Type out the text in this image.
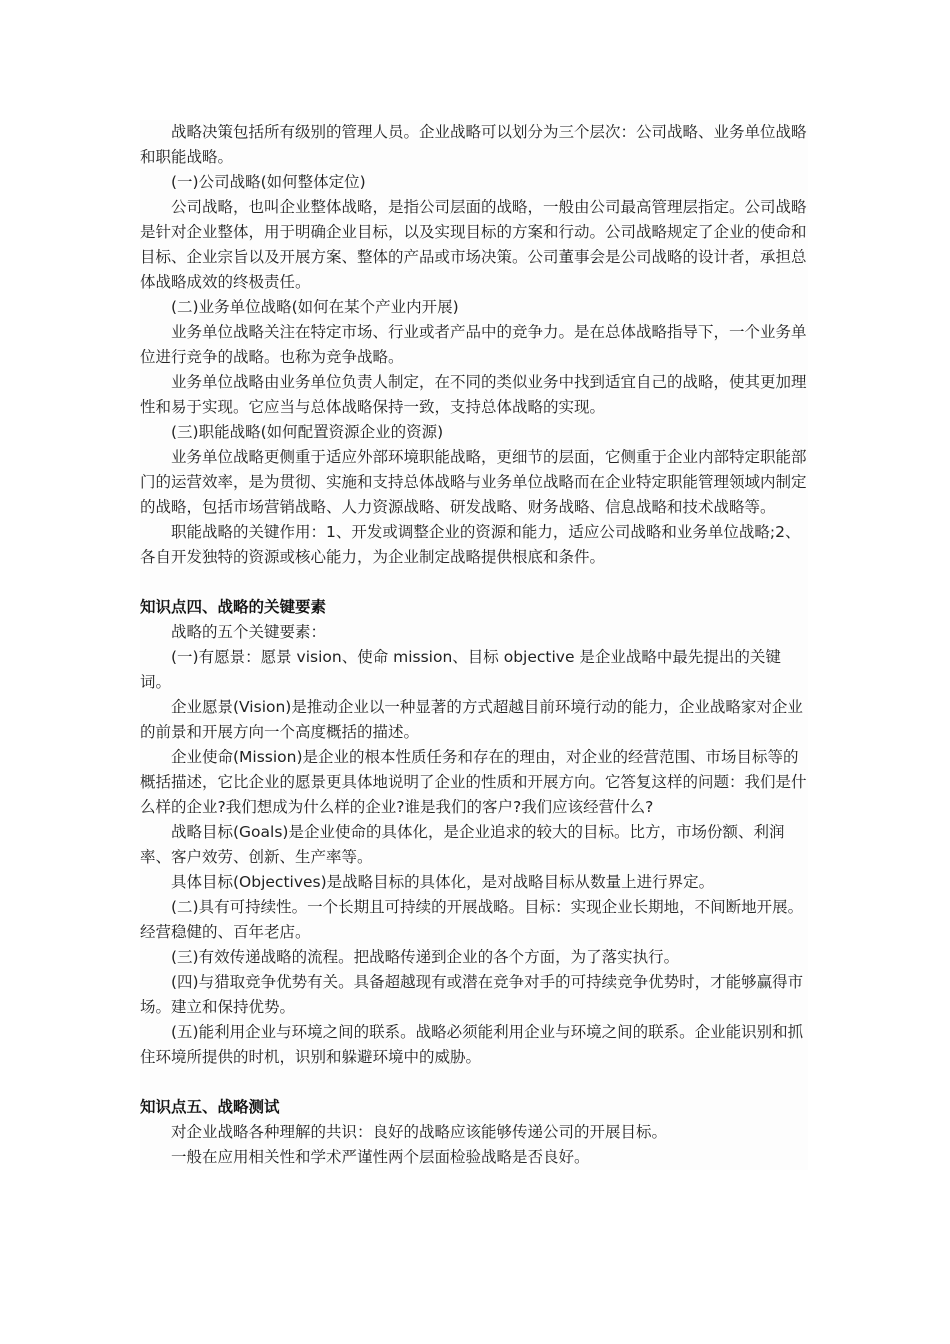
战略决策包括所有级别的管理人员。企业战略可以划分为三个层次：公司战略、业务单位战略和职能战略。

(一)公司战略(如何整体定位)

公司战略，也叫企业整体战略，是指公司层面的战略，一般由公司最高管理层指定。公司战略是针对企业整体，用于明确企业目标，以及实现目标的方案和行动。公司战略规定了企业的使命和目标、企业宗旨以及开展方案、整体的产品或市场决策。公司董事会是公司战略的设计者，承担总体战略成效的终极责任。

(二)业务单位战略(如何在某个产业内开展)

业务单位战略关注在特定市场、行业或者产品中的竞争力。是在总体战略指导下，一个业务单位进行竞争的战略。也称为竞争战略。

业务单位战略由业务单位负责人制定，在不同的类似业务中找到适宜自己的战略，使其更加理性和易于实现。它应当与总体战略保持一致，支持总体战略的实现。

(三)职能战略(如何配置资源企业的资源)

业务单位战略更侧重于适应外部环境职能战略，更细节的层面，它侧重于企业内部特定职能部门的运营效率，是为贯彻、实施和支持总体战略与业务单位战略而在企业特定职能管理领域内制定的战略，包括市场营销战略、人力资源战略、研发战略、财务战略、信息战略和技术战略等。

职能战略的关键作用：1、开发或调整企业的资源和能力，适应公司战略和业务单位战略;2、各自开发独特的资源或核心能力，为企业制定战略提供根底和条件。

知识点四、战略的关键要素

战略的五个关键要素：

(一)有愿景：愿景 vision、使命 mission、目标 objective 是企业战略中最先提出的关键词。

企业愿景(Vision)是推动企业以一种显著的方式超越目前环境行动的能力，企业战略家对企业的前景和开展方向一个高度概括的描述。

企业使命(Mission)是企业的根本性质任务和存在的理由，对企业的经营范围、市场目标等的概括描述，它比企业的愿景更具体地说明了企业的性质和开展方向。它答复这样的问题：我们是什么样的企业?我们想成为什么样的企业?谁是我们的客户?我们应该经营什么?

战略目标(Goals)是企业使命的具体化，是企业追求的较大的目标。比方，市场份额、利润率、客户效劳、创新、生产率等。

具体目标(Objectives)是战略目标的具体化，是对战略目标从数量上进行界定。

(二)具有可持续性。一个长期且可持续的开展战略。目标：实现企业长期地，不间断地开展。经营稳健的、百年老店。

(三)有效传递战略的流程。把战略传递到企业的各个方面，为了落实执行。

(四)与猎取竞争优势有关。具备超越现有或潜在竞争对手的可持续竞争优势时，才能够赢得市场。建立和保持优势。

(五)能利用企业与环境之间的联系。战略必须能利用企业与环境之间的联系。企业能识别和抓住环境所提供的时机，识别和躲避环境中的威胁。

知识点五、战略测试

对企业战略各种理解的共识：良好的战略应该能够传递公司的开展目标。

一般在应用相关性和学术严谨性两个层面检验战略是否良好。
